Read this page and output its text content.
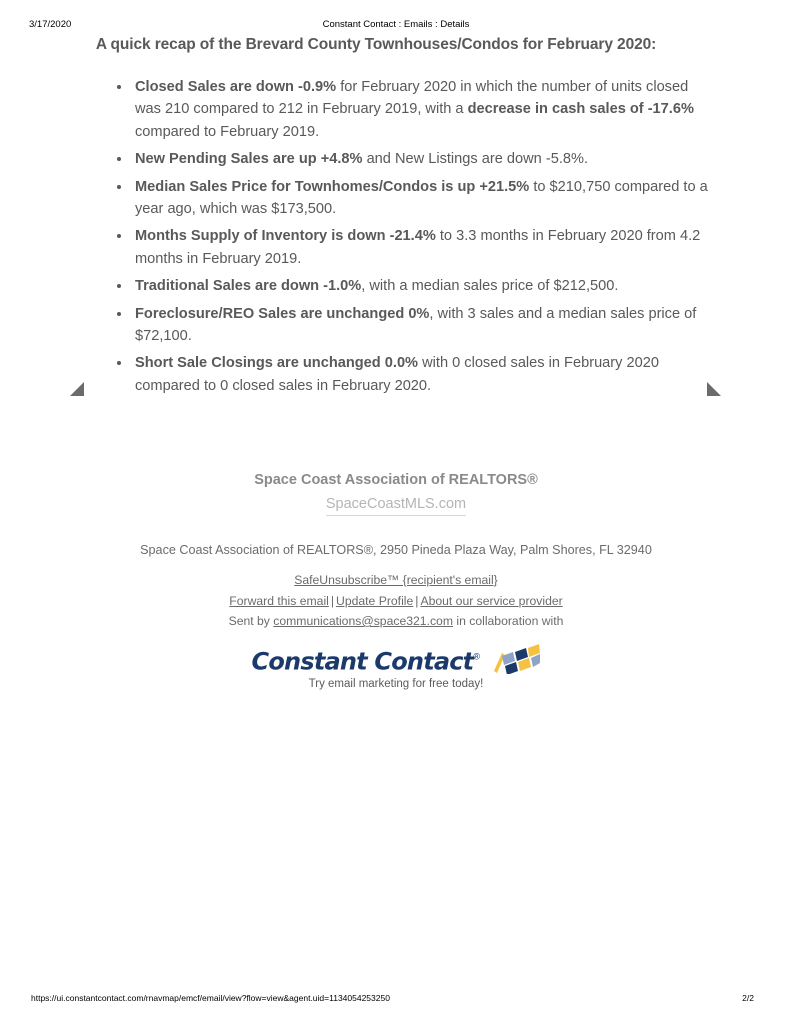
3/17/2020	Constant Contact : Emails : Details
A quick recap of the Brevard County Townhouses/Condos for February 2020:
Closed Sales are down -0.9% for February 2020 in which the number of units closed was 210 compared to 212 in February 2019, with a decrease in cash sales of -17.6% compared to February 2019.
New Pending Sales are up +4.8% and New Listings are down -5.8%.
Median Sales Price for Townhomes/Condos is up +21.5% to $210,750 compared to a year ago, which was $173,500.
Months Supply of Inventory is down -21.4% to 3.3 months in February 2020 from 4.2 months in February 2019.
Traditional Sales are down -1.0%, with a median sales price of $212,500.
Foreclosure/REO Sales are unchanged 0%, with 3 sales and a median sales price of $72,100.
Short Sale Closings are unchanged 0.0% with 0 closed sales in February 2020 compared to 0 closed sales in February 2020.
Space Coast Association of REALTORS®
SpaceCoastMLS.com
Space Coast Association of REALTORS®, 2950 Pineda Plaza Way, Palm Shores, FL 32940
SafeUnsubscribe™ {recipient's email}
Forward this email | Update Profile | About our service provider
Sent by communications@space321.com in collaboration with
Constant Contact®
Try email marketing for free today!
https://ui.constantcontact.com/rnavmap/emcf/email/view?flow=view&agent.uid=1134054253250	2/2
